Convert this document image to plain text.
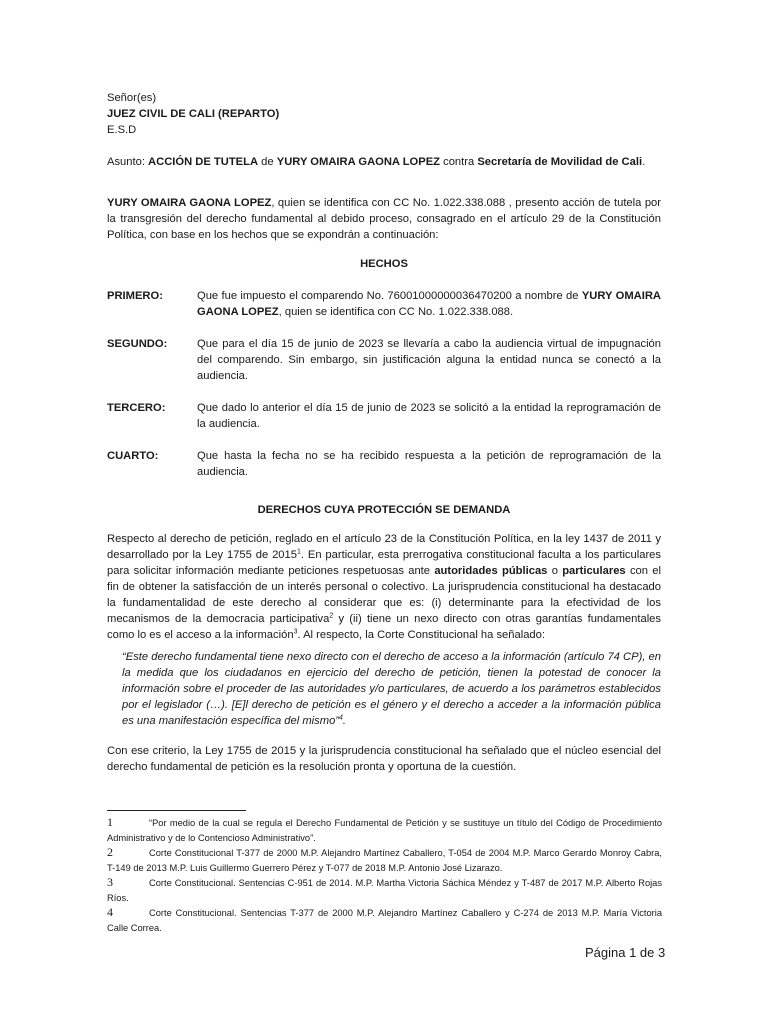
Señor(es)
JUEZ CIVIL DE CALI (REPARTO)
E.S.D
Asunto: ACCIÓN DE TUTELA de YURY OMAIRA GAONA LOPEZ contra Secretaría de Movilidad de Cali.
YURY OMAIRA GAONA LOPEZ, quien se identifica con CC No. 1.022.338.088 , presento acción de tutela por la transgresión del derecho fundamental al debido proceso, consagrado en el artículo 29 de la Constitución Política, con base en los hechos que se expondrán a continuación:
HECHOS
PRIMERO:	Que fue impuesto el comparendo No. 76001000000036470200 a nombre de YURY OMAIRA GAONA LOPEZ, quien se identifica con CC No. 1.022.338.088.
SEGUNDO:	Que para el día 15 de junio de 2023 se llevaría a cabo la audiencia virtual de impugnación del comparendo. Sin embargo, sin justificación alguna la entidad nunca se conectó a la audiencia.
TERCERO:	Que dado lo anterior el día 15 de junio de 2023 se solicitó a la entidad la reprogramación de la audiencia.
CUARTO:	Que hasta la fecha no se ha recibido respuesta a la petición de reprogramación de la audiencia.
DERECHOS CUYA PROTECCIÓN SE DEMANDA
Respecto al derecho de petición, reglado en el artículo 23 de la Constitución Política, en la ley 1437 de 2011 y desarrollado por la Ley 1755 de 2015$^1$. En particular, esta prerrogativa constitucional faculta a los particulares para solicitar información mediante peticiones respetuosas ante autoridades públicas o particulares con el fin de obtener la satisfacción de un interés personal o colectivo. La jurisprudencia constitucional ha destacado la fundamentalidad de este derecho al considerar que es: (i) determinante para la efectividad de los mecanismos de la democracia participativa$^2$ y (ii) tiene un nexo directo con otras garantías fundamentales como lo es el acceso a la información$^3$. Al respecto, la Corte Constitucional ha señalado:
“Este derecho fundamental tiene nexo directo con el derecho de acceso a la información (artículo 74 CP), en la medida que los ciudadanos en ejercicio del derecho de petición, tienen la potestad de conocer la información sobre el proceder de las autoridades y/o particulares, de acuerdo a los parámetros establecidos por el legislador (…). [E]l derecho de petición es el género y el derecho a acceder a la información pública es una manifestación específica del mismo”$^4$.
Con ese criterio, la Ley 1755 de 2015 y la jurisprudencia constitucional ha señalado que el núcleo esencial del derecho fundamental de petición es la resolución pronta y oportuna de la cuestión.
1	“Por medio de la cual se regula el Derecho Fundamental de Petición y se sustituye un título del Código de Procedimiento Administrativo y de lo Contencioso Administrativo”.
2	Corte Constitucional T-377 de 2000 M.P. Alejandro Martínez Caballero, T-054 de 2004 M.P. Marco Gerardo Monroy Cabra, T-149 de 2013 M.P. Luis Guillermo Guerrero Pérez y T-077 de 2018 M.P. Antonio José Lizarazo.
3	Corte Constitucional. Sentencias C-951 de 2014. M.P. Martha Victoria Sáchica Méndez y T-487 de 2017 M.P. Alberto Rojas Ríos.
4	Corte Constitucional. Sentencias T-377 de 2000 M.P. Alejandro Martínez Caballero y C-274 de 2013 M.P. María Victoria Calle Correa.
Página 1 de 3
